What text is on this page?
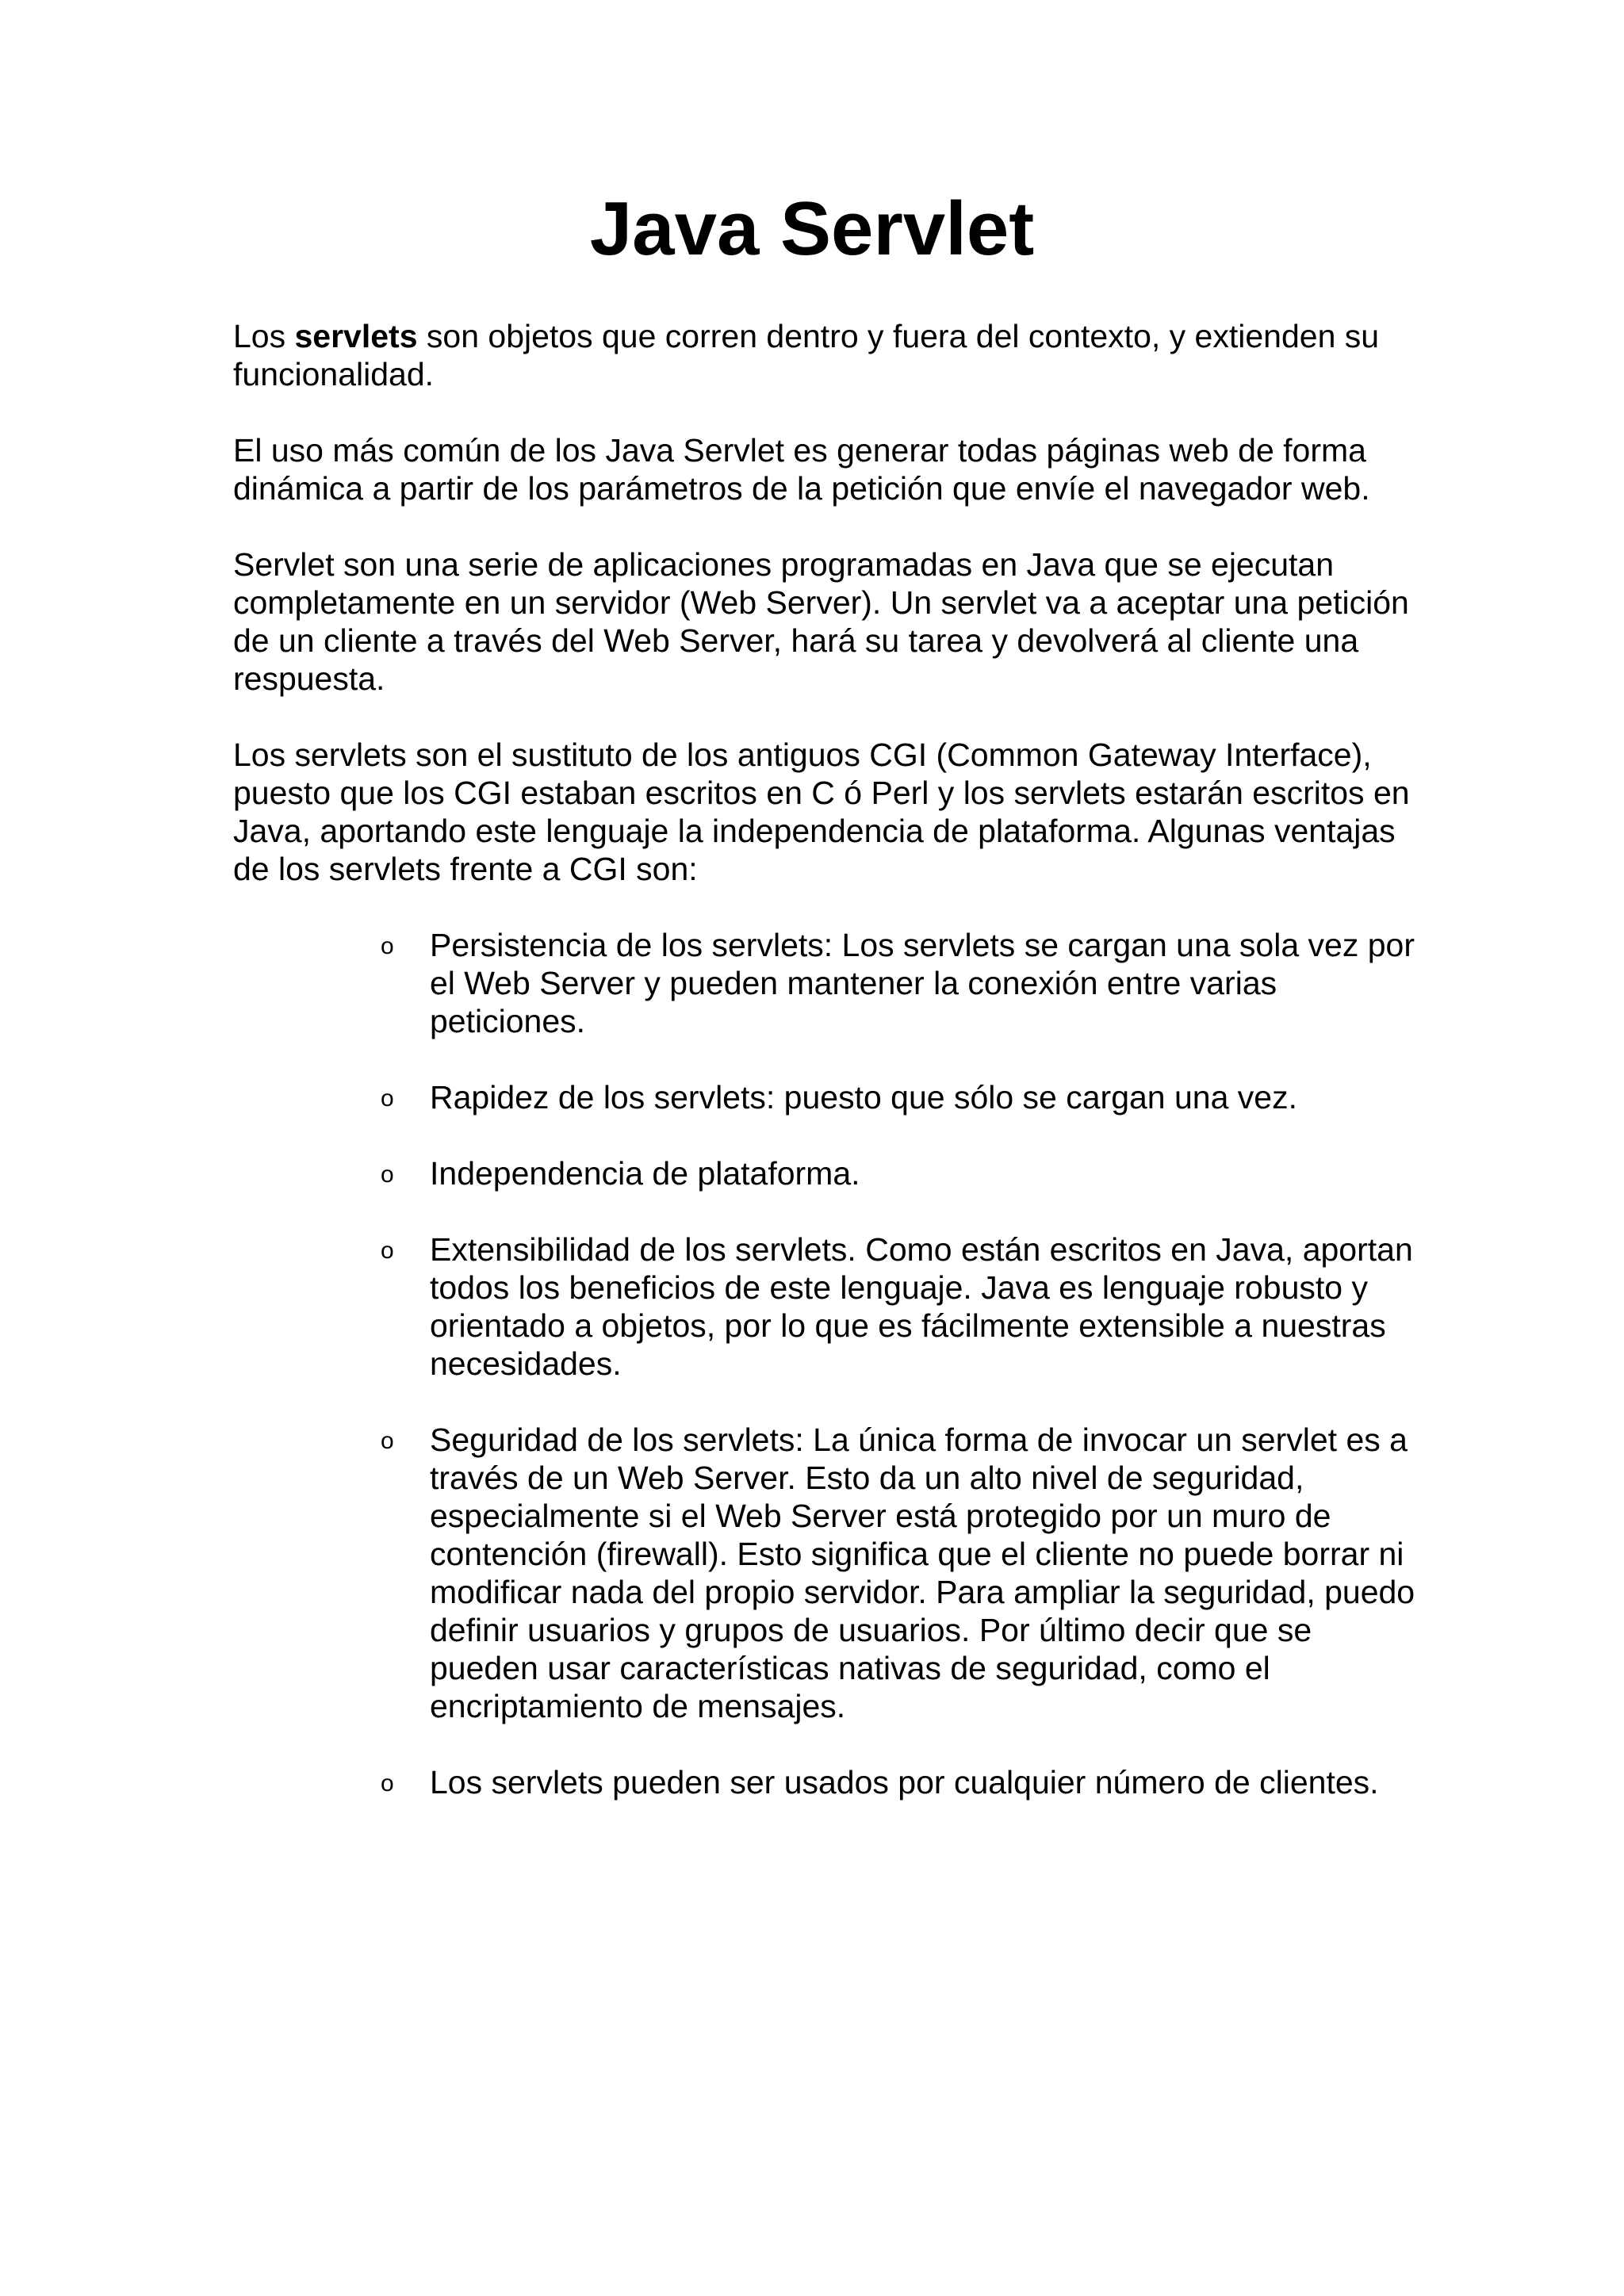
Java Servlet

Los servlets son objetos que corren dentro y fuera del contexto, y extienden su funcionalidad.

El uso más común de los Java Servlet es generar todas páginas web de forma dinámica a partir de los parámetros de la petición que envíe el navegador web.

Servlet son una serie de aplicaciones programadas en Java que se ejecutan completamente en un servidor (Web Server). Un servlet va a aceptar una petición de un cliente a través del Web Server, hará su tarea y devolverá al cliente una respuesta.

Los servlets son el sustituto de los antiguos CGI (Common Gateway Interface), puesto que los CGI estaban escritos en C ó Perl y los servlets estarán escritos en Java, aportando este lenguaje la independencia de plataforma. Algunas ventajas de los servlets frente a CGI son:

o Persistencia de los servlets: Los servlets se cargan una sola vez por el Web Server y pueden mantener la conexión entre varias peticiones.
o Rapidez de los servlets: puesto que sólo se cargan una vez.
o Independencia de plataforma.
o Extensibilidad de los servlets. Como están escritos en Java, aportan todos los beneficios de este lenguaje. Java es lenguaje robusto y orientado a objetos, por lo que es fácilmente extensible a nuestras necesidades.
o Seguridad de los servlets: La única forma de invocar un servlet es a través de un Web Server. Esto da un alto nivel de seguridad, especialmente si el Web Server está protegido por un muro de contención (firewall). Esto significa que el cliente no puede borrar ni modificar nada del propio servidor. Para ampliar la seguridad, puedo definir usuarios y grupos de usuarios. Por último decir que se pueden usar características nativas de seguridad, como el encriptamiento de mensajes.
o Los servlets pueden ser usados por cualquier número de clientes.
